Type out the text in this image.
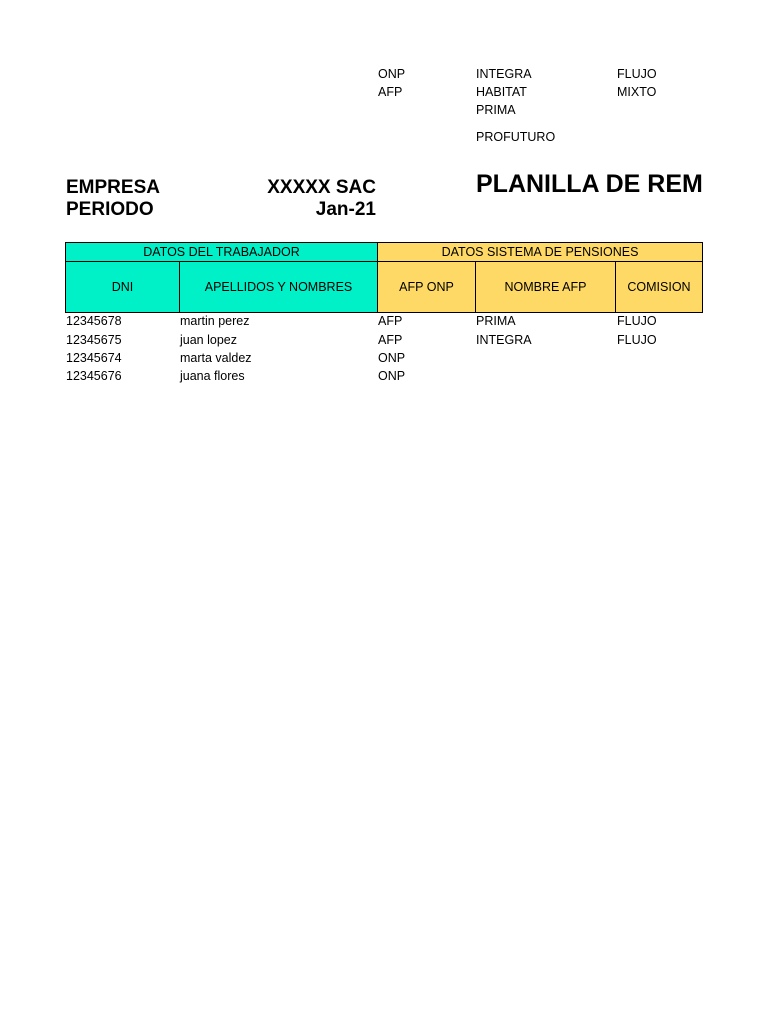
ONP
AFP
INTEGRA
HABITAT
PRIMA
PROFUTURO
FLUJO
MIXTO
EMPRESA	XXXXX SAC
PERIODO	Jan-21
PLANILLA DE REM
DATOS DEL TRABAJADOR	DATOS SISTEMA DE PENSIONES
DNI	APELLIDOS Y NOMBRES	AFP ONP	NOMBRE AFP	COMISION
12345678	martin perez	AFP	PRIMA	FLUJO
12345675	juan lopez	AFP	INTEGRA	FLUJO
12345674	marta valdez	ONP
12345676	juana flores	ONP
